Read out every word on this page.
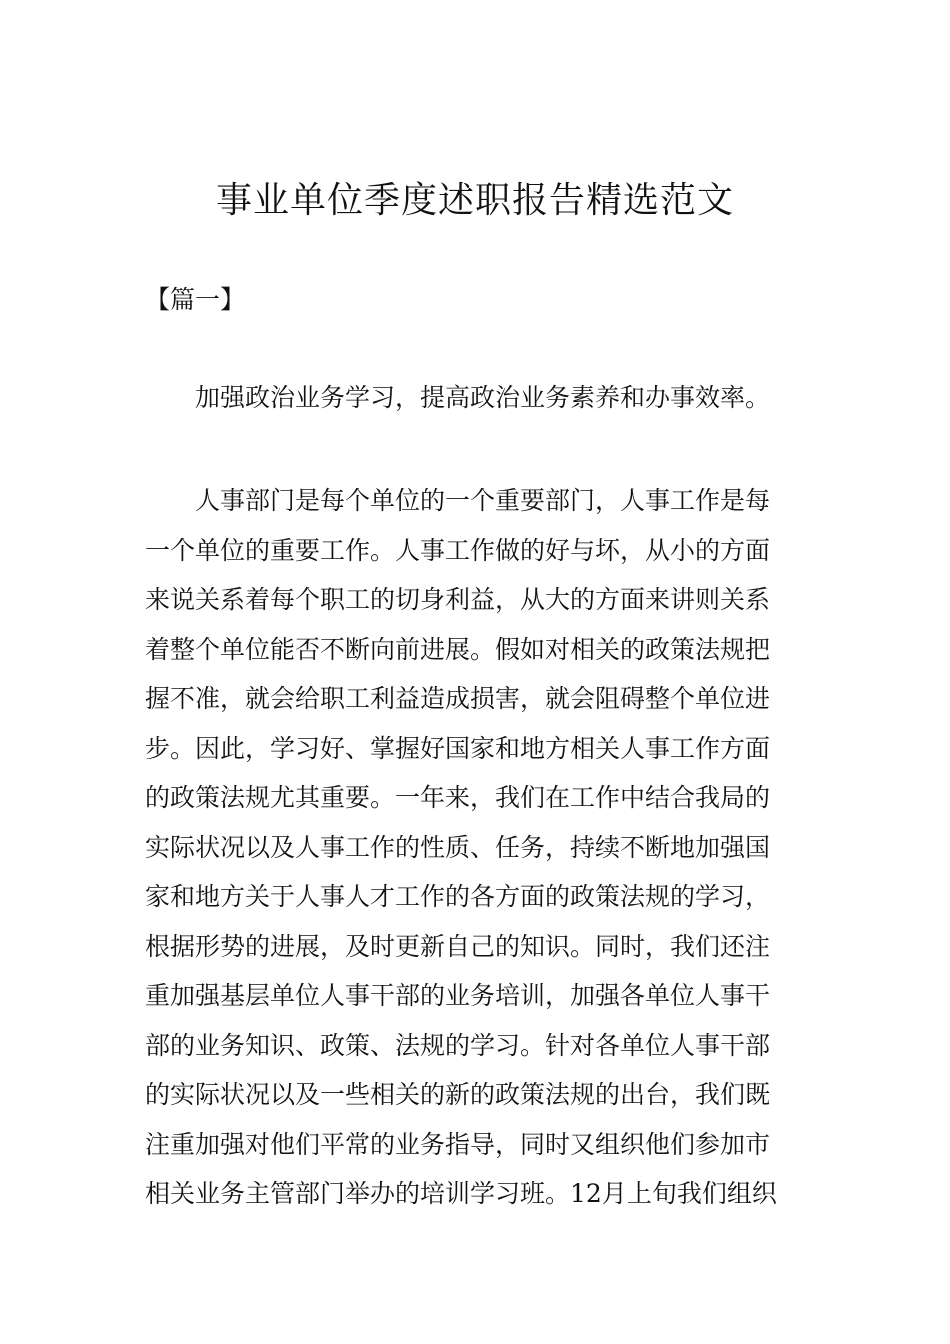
事业单位季度述职报告精选范文

【篇一】

加强政治业务学习，提高政治业务素养和办事效率。

人事部门是每个单位的一个重要部门，人事工作是每
一个单位的重要工作。人事工作做的好与坏，从小的方面
来说关系着每个职工的切身利益，从大的方面来讲则关系
着整个单位能否不断向前进展。假如对相关的政策法规把
握不准，就会给职工利益造成损害，就会阻碍整个单位进
步。因此，学习好、掌握好国家和地方相关人事工作方面
的政策法规尤其重要。一年来，我们在工作中结合我局的
实际状况以及人事工作的性质、任务，持续不断地加强国
家和地方关于人事人才工作的各方面的政策法规的学习，
根据形势的进展，及时更新自己的知识。同时，我们还注
重加强基层单位人事干部的业务培训，加强各单位人事干
部的业务知识、政策、法规的学习。针对各单位人事干部
的实际状况以及一些相关的新的政策法规的出台，我们既
注重加强对他们平常的业务指导，同时又组织他们参加市
相关业务主管部门举办的培训学习班。12月上旬我们组织
